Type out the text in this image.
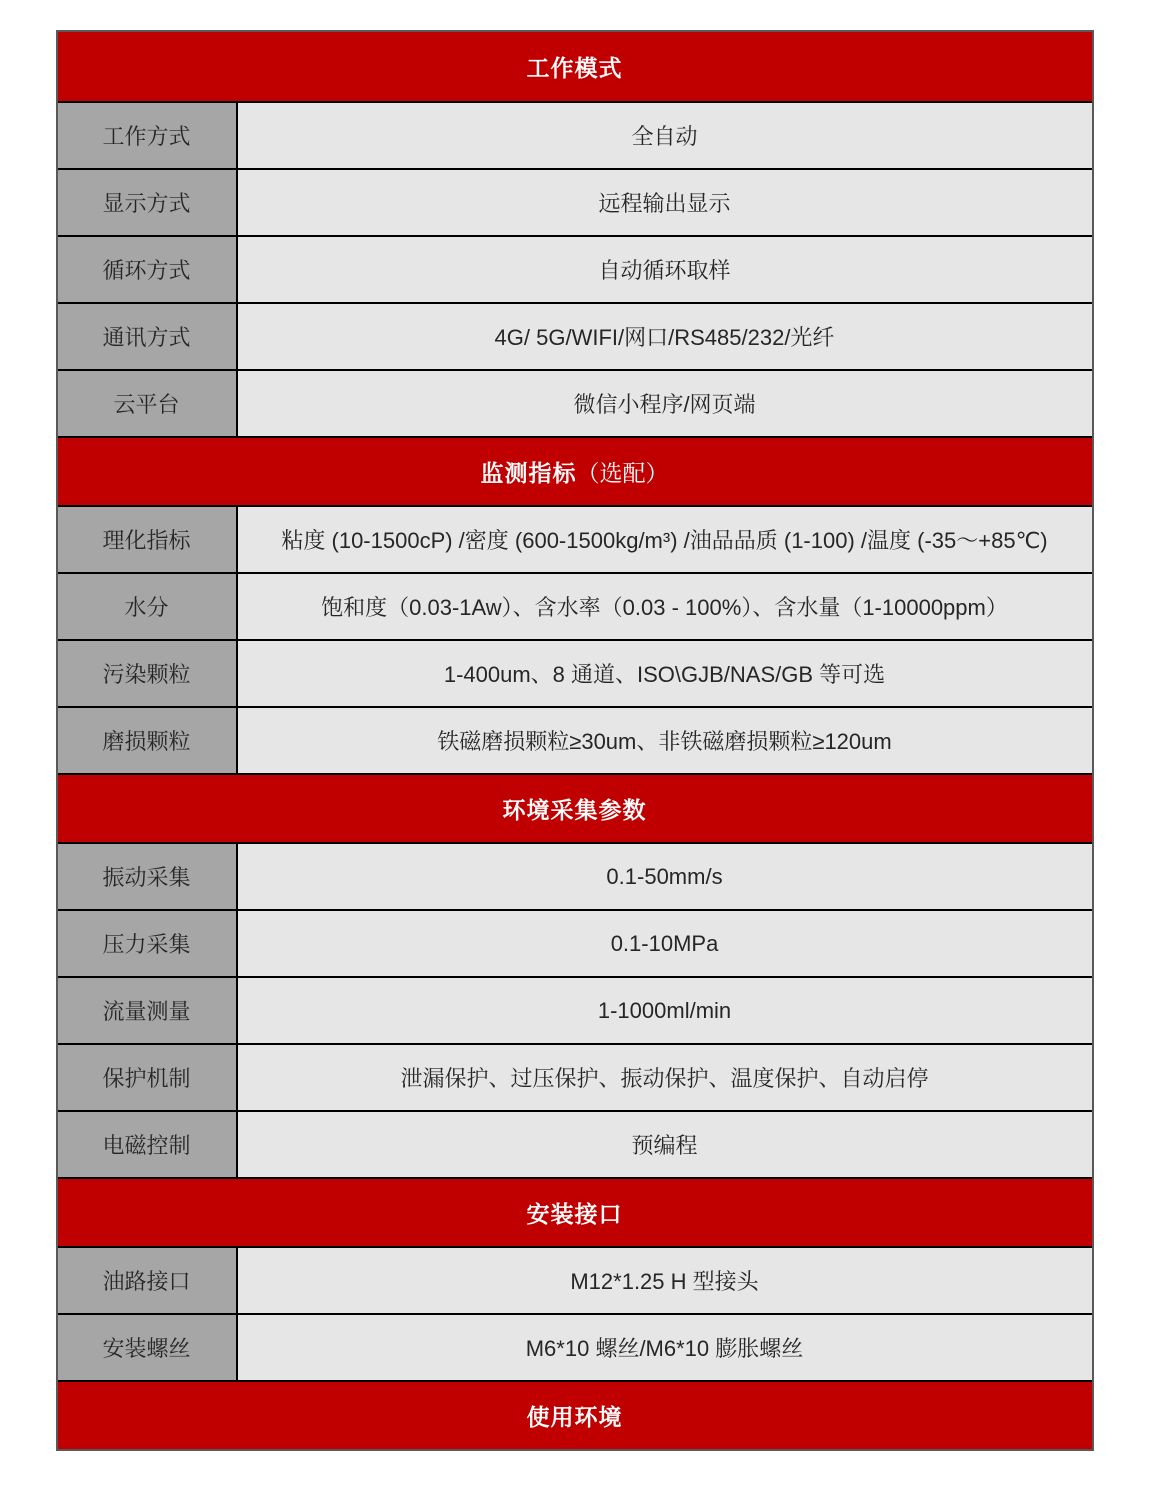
工作模式
工作方式	全自动
显示方式	远程输出显示
循环方式	自动循环取样
通讯方式	4G/ 5G/WIFI/网口/RS485/232/光纤
云平台	微信小程序/网页端
监测指标 （选配）
理化指标	粘度 (10-1500cP) /密度 (600-1500kg/m³) /油品品质 (1-100) /温度 (-35～+85℃)
水分	饱和度（0.03-1Aw）、含水率（0.03 - 100%）、含水量（1-10000ppm）
污染颗粒	1-400um、8 通道、ISO\GJB/NAS/GB 等可选
磨损颗粒	铁磁磨损颗粒≥30um、非铁磁磨损颗粒≥120um
环境采集参数
振动采集	0.1-50mm/s
压力采集	0.1-10MPa
流量测量	1-1000ml/min
保护机制	泄漏保护、过压保护、振动保护、温度保护、自动启停
电磁控制	预编程
安装接口
油路接口	M12*1.25 H 型接头
安装螺丝	M6*10 螺丝/M6*10 膨胀螺丝
使用环境
